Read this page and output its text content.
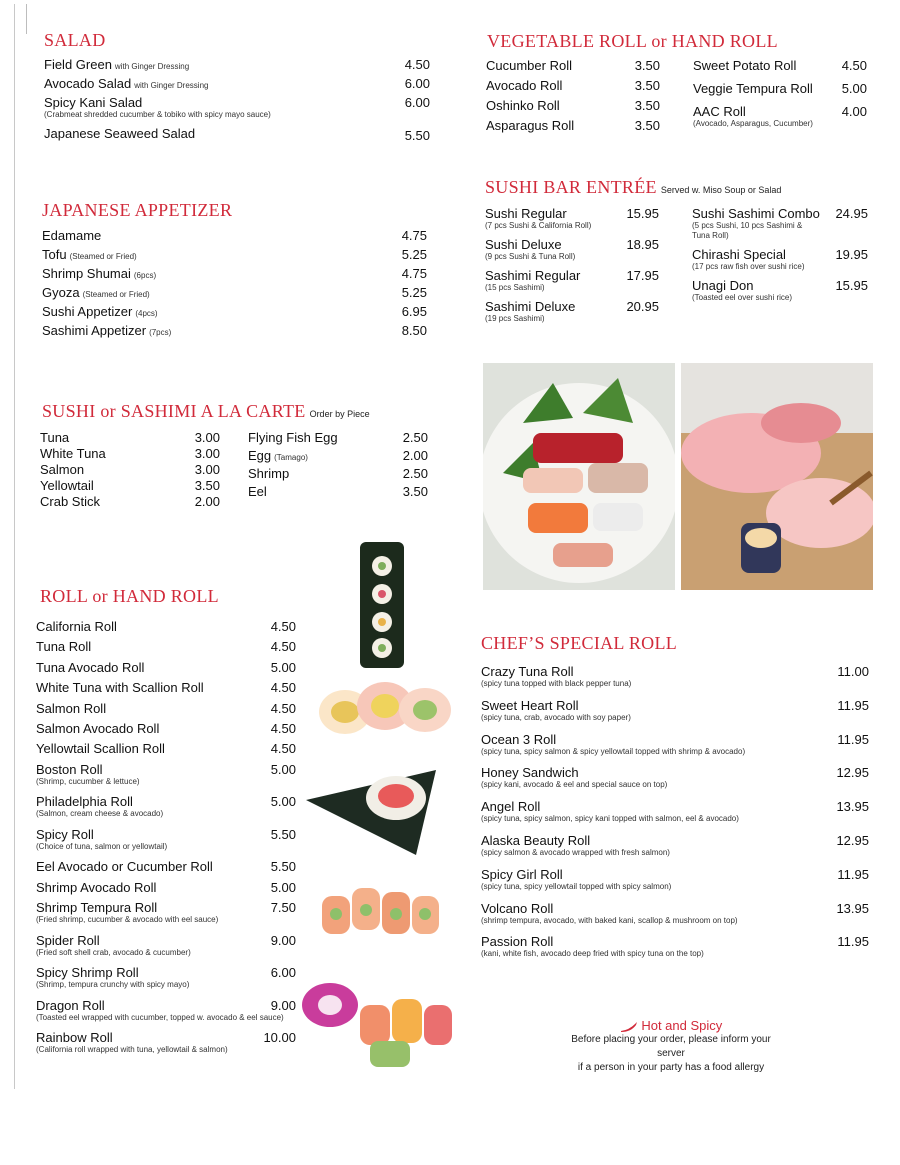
SALAD
Field Green with Ginger Dressing	4.50
Avocado Salad with Ginger Dressing	6.00
Spicy Kani Salad
(Crabmeat shredded cucumber & tobiko with spicy mayo sauce)
6.00
Japanese Seaweed Salad	5.50
JAPANESE APPETIZER
Edamame	4.75
Tofu (Steamed or Fried)	5.25
Shrimp Shumai (6pcs)	4.75
Gyoza (Steamed or Fried)	5.25
Sushi Appetizer (4pcs)	6.95
Sashimi Appetizer (7pcs)	8.50
SUSHI or SASHIMI A LA CARTE Order by Piece
Tuna	3.00
White Tuna	3.00
Salmon	3.00
Yellowtail	3.50
Crab Stick	2.00
Flying Fish Egg	2.50
Egg (Tamago)	2.00
Shrimp	2.50
Eel	3.50
ROLL or HAND ROLL
California Roll	4.50
Tuna Roll	4.50
Tuna Avocado Roll	5.00
White Tuna with Scallion Roll	4.50
Salmon Roll	4.50
Salmon Avocado Roll	4.50
Yellowtail Scallion Roll	4.50
Boston Roll
(Shrimp, cucumber & lettuce)
5.00
Philadelphia Roll
(Salmon, cream cheese & avocado)
5.00
Spicy Roll
(Choice of tuna, salmon or yellowtail)
5.50
Eel Avocado or Cucumber Roll	5.50
Shrimp Avocado Roll	5.00
Shrimp Tempura Roll
(Fried shrimp, cucumber & avocado with eel sauce)
7.50
Spider Roll
(Fried soft shell crab, avocado & cucumber)
9.00
Spicy Shrimp Roll
(Shrimp, tempura crunchy with spicy mayo)
6.00
Dragon Roll
(Toasted eel wrapped with cucumber, topped w. avocado & eel sauce)
9.00
Rainbow Roll
(California roll wrapped with tuna, yellowtail & salmon)
10.00
VEGETABLE ROLL or HAND ROLL
Cucumber Roll	3.50
Avocado Roll	3.50
Oshinko Roll	3.50
Asparagus Roll	3.50
Sweet Potato Roll	4.50
Veggie Tempura Roll 5.00
AAC Roll
(Avocado, Asparagus, Cucumber)
4.00
SUSHI BAR ENTRÉE Served w. Miso Soup or Salad
Sushi Regular
(7 pcs Sushi & California Roll)
15.95
Sushi Deluxe
(9 pcs Sushi & Tuna Roll)
18.95
Sashimi Regular
(15 pcs Sashimi)
17.95
Sashimi Deluxe
(19 pcs Sashimi)
20.95
Sushi Sashimi Combo
(5 pcs Sushi, 10 pcs Sashimi & Tuna Roll)
24.95
Chirashi Special
(17 pcs raw fish over sushi rice)
19.95
Unagi Don
(Toasted eel over sushi rice)
15.95
CHEF’S SPECIAL ROLL
Crazy Tuna Roll
(spicy tuna topped with black pepper tuna)
11.00
Sweet Heart Roll
(spicy tuna, crab, avocado with soy paper)
11.95
Ocean 3 Roll
(spicy tuna, spicy salmon & spicy yellowtail topped with shrimp & avocado)
11.95
Honey Sandwich
(spicy kani, avocado & eel and special sauce on top)
12.95
Angel Roll
(spicy tuna, spicy salmon, spicy kani topped with salmon, eel & avocado)
13.95
Alaska Beauty Roll
(spicy salmon & avocado wrapped with fresh salmon)
12.95
Spicy Girl Roll
(spicy tuna, spicy yellowtail topped with spicy salmon)
11.95
Volcano Roll
(shrimp tempura, avocado, with baked kani, scallop & mushroom on top)
13.95
Passion Roll
(kani, white fish, avocado deep fried with spicy tuna on the top)
11.95
Hot and Spicy
Before placing your order, please inform your server
if a person in your party has a food allergy
